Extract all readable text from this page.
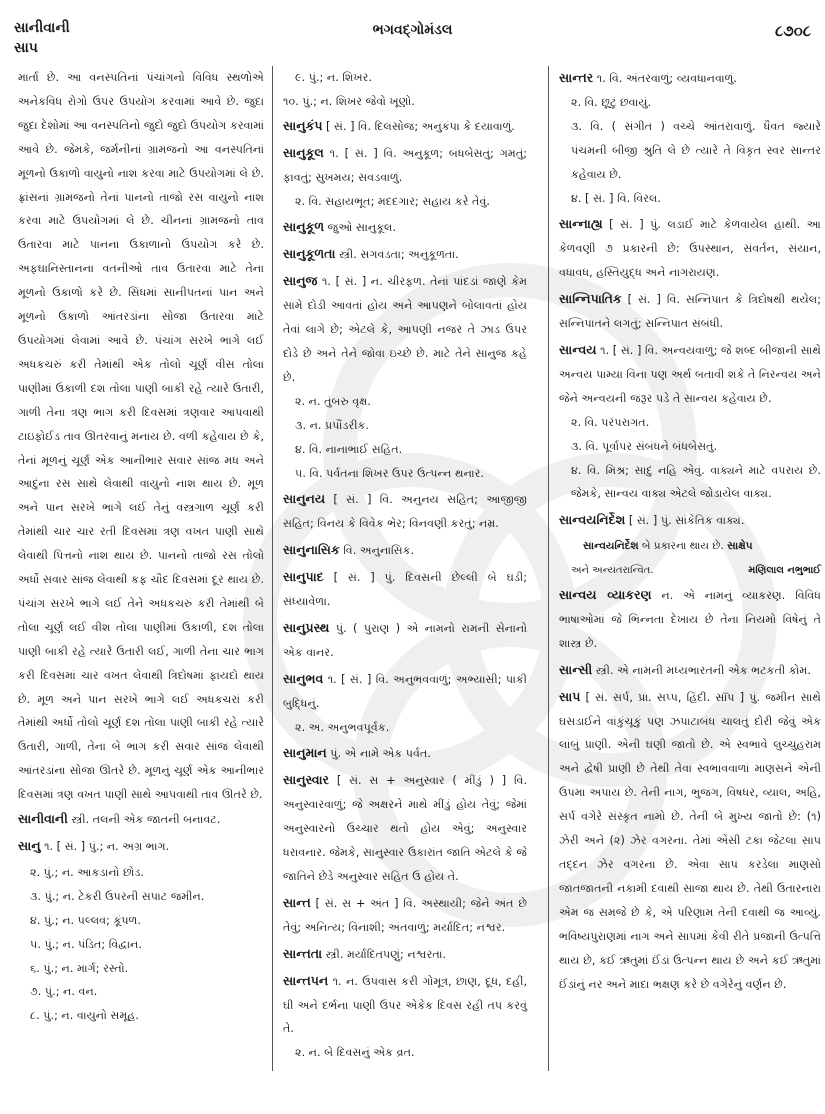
સાનીવાની
સાપ
ભગવદ્ગોમંડલ	૮૭૦૮

માર્તા છે. આ વનસ્પતિનાં પંચાંગનો વિવિધ સ્થળોએ અનેકવિધ રોગો ઉપર ઉપયોગ કરવામાં આવે છે. જુદા જુદા દેશોમાં આ વનસ્પતિનો જુદો જુદો ઉપયોગ કરવામાં આવે છે. જેમકે, જર્મનીનાં ગ્રામજનો આ વનસ્પતિનાં મૂળનો ઉકાળો વાયુનો નાશ કરવા માટે ઉપયોગમાં લે છે. ફ્રાંસનાં ગ્રામજનો તેનાં પાનનો તાજો રસ વાયુનો નાશ કરવા માટે ઉપયોગમાં લે છે. ચીનનાં ગ્રામજનો તાવ ઉતારવા માટે પાનના ઉકાળાનો ઉપયોગ કરે છે. અફઘાનિસ્તાનના વતનીઓ તાવ ઉતારવા માટે તેના મૂળનો ઉકાળો કરે છે. સિંધમાં સાનીપતનાં પાન અને મૂળનો ઉકાળો આંતરડાંના સોજા ઉતારવા માટે ઉપયોગમાં લેવામાં આવે છે. પંચાંગ સરખે ભાગે લઈ અધકચરું કરી તેમાંથી એક તોલો ચૂર્ણ વીસ તોલા પાણીમાં ઉકાળી દશ તોલા પાણી બાકી રહે ત્યારે ઉતારી, ગાળી તેના ત્રણ ભાગ કરી દિવસમાં ત્રણવાર આપવાથી ટાઇફોઈડ તાવ ઊતરવાનું મનાય છે. વળી કહેવાય છે કે, તેનાં મૂળનું ચૂર્ણ એક આનીભાર સવાર સાંજ મધ અને આદુંના રસ સાથે લેવાથી વાયુનો નાશ થાય છે. મૂળ અને પાન સરખે ભાગે લઈ તેનું વસ્ત્રગાળ ચૂર્ણ કરી તેમાંથી ચાર ચાર રતી દિવસમાં ત્રણ વખત પાણી સાથે લેવાથી પિત્તનો નાશ થાય છે. પાનનો તાજો રસ તોલો અર્ધો સવાર સાંજ લેવાથી કફ ચૌદ દિવસમાં દૂર થાય છે. પંચાંગ સરખે ભાગે લઈ તેને અધકચરું કરી તેમાંથી બે તોલા ચૂર્ણ લઈ વીશ તોલા પાણીમાં ઉકાળી, દશ તોલા પાણી બાકી રહે ત્યારે ઉતારી લઈ, ગાળી તેના ચાર ભાગ કરી દિવસમાં ચાર વખત લેવાથી ત્રિદોષમાં ફાયદો થાય છે. મૂળ અને પાન સરખે ભાગે લઈ અધકચરાં કરી તેમાંથી અર્ધો તોલો ચૂર્ણ દશ તોલા પાણી બાકી રહે ત્યારે ઉતારી, ગાળી, તેના બે ભાગ કરી સવાર સાંજ લેવાથી આંતરડાંના સોજા ઊતરે છે. મૂળનું ચૂર્ણ એક આનીભાર દિવસમાં ત્રણ વખત પાણી સાથે આપવાથી તાવ ઊતરે છે.

સાનીવાની સ્ત્રી. તલની એક જાતની બનાવટ.
સાનુ ૧. [ સં. ] પું.; ન. અગ્ર ભાગ.

૨. પું.; ન. આકડાનો છોડ.

૩. પું.; ન. ટેકરી ઉપરની સપાટ જમીન.

૪. પું.; ન. પલ્લવ; કૂંપળ.

૫. પું.; ન. પંડિત; વિદ્વાન.

૬. પું.; ન. માર્ગ; રસ્તો.

૭. પું.; ન. વન.

૮. પું.; ન. વાયુનો સમૂહ.

૯. પું.; ન. શિખર.

૧૦. પું.; ન. શિખર જેવો ખૂણો.

સાનુકંપ [ સં. ] વિ. દિલસોજ; અનુકંપા કે દયાવાળું.
સાનુકૂલ ૧. [ સં. ] વિ. અનુકૂળ; બંધબેસતું; ગમતું; ફાવતું; સુખમય; સવડવાળું.

૨. વિ. સહાયભૂત; મદદગાર; સહાય કરે તેવું.

સાનુકૂળ જુઓ સાનુકૂલ.
સાનુકૂળતા સ્ત્રી. સગવડતા; અનુકૂળતા.
સાનુજ ૧. [ સં. ] ન. ચીરફળ. તેનાં પાંદડાં જાણે કેમ સામે દોડી આવતાં હોય અને આપણને બોલાવતાં હોય તેવાં લાગે છે; એટલે કે, આપણી નજર તે ઝાડ ઉપર દોડે છે અને તેને જોવા ઇચ્છે છે. માટે તેને સાનુજ કહે છે.

૨. ન. તુંબરુ વૃક્ષ.

૩. ન. પ્રપૌંડરીક.

૪. વિ. નાનાભાઈ સહિત.

૫. વિ. પર્વતના શિખર ઉપર ઉત્પન્ન થનાર.

સાનુનય [ સં. ] વિ. અનુનય સહિત; આજીજી સહિત; વિનય કે વિવેક ભેર; વિનવણી કરતું; નમ્ર.
સાનુનાસિક વિ. અનુનાસિક.
સાનુપાદ [ સં. ] પું. દિવસની છેલ્લી બે ઘડી; સંધ્યાવેળા.
સાનુપ્રસ્થ પું. ( પુરાણ ) એ નામનો રામની સેનાનો એક વાનર.
સાનુભવ ૧. [ સં. ] વિ. અનુભવવાળું; અભ્યાસી; પાકી બુદ્ધિનું.

૨. અ. અનુભવપૂર્વક.

સાનુમાન પું. એ નામે એક પર્વત.
સાનુસ્વાર [ સં. સ + અનુસ્વાર ( મીંડું ) ] વિ. અનુસ્વારવાળું; જે અક્ષરને માથે મીંડું હોય તેવું; જેમાં અનુસ્વારનો ઉચ્ચાર થતો હોય એવું; અનુસ્વાર ધરાવનાર. જેમકે, સાનુસ્વાર ઉકારાંત જાતિ એટલે કે જે જાતિને છેડે અનુસ્વાર સહિત ઉ હોય તે.
સાન્ત [ સં. સ + અંત ] વિ. અસ્થાયી; જેને અંત છે તેવું; અનિત્ય; વિનાશી; અંતવાળું; મર્યાદિત; નશ્વર.
સાન્તતા સ્ત્રી. મર્યાદિતપણું; નશ્વરતા.
સાન્તપન ૧. ન. ઉપવાસ કરી ગોમૂત્ર, છાણ, દૂધ, દહીં, ઘી અને દર્ભના પાણી ઉપર એકેક દિવસ રહી તપ કરવું તે.

૨. ન. બે દિવસનું એક વ્રત.

સાન્તર ૧. વિ. અંતરવાળું; વ્યવધાનવાળું.

૨. વિ. છૂટું છવાયું.

૩. વિ. ( સંગીત ) વચ્ચે આંતરાવાળું. ધૈવત જ્યારે પંચમની બીજી શ્રુતિ લે છે ત્યારે તે વિકૃત સ્વર સાન્તર કહેવાય છે.

૪. [ સં. ] વિ. વિરલ.

સાન્નાહ્ય [ સં. ] પું. લડાઈ માટે કેળવાયેલ હાથી. આ કેળવણી ૭ પ્રકારની છે: ઉપસ્થાન, સંવર્તન, સંયાન, વધાવધ, હસ્તિયુદ્ધ અને નાગરાયણ.
સાન્નિપાતિક [ સં. ] વિ. સન્નિપાત કે ત્રિદોષથી થયેલ; સન્નિપાતને લગતું; સન્નિપાત સંબંધી.
સાન્વય ૧. [ સં. ] વિ. અન્વયવાળું; જે શબ્દ બીજાની સાથે અન્વય પામ્યા વિના પણ અર્થ બતાવી શકે તે નિરન્વય અને જેને અન્વયની જરૂર પડે તે સાન્વય કહેવાય છે.

૨. વિ. પરંપરાગત.

૩. વિ. પૂર્વાપર સંબંધને બંધબેસતું.

૪. વિ. મિશ્ર; સાદું નહિ એવું. વાક્યને માટે વપરાય છે. જેમકે, સાન્વય વાક્ય એટલે જોડાયેલ વાક્ય.

સાન્વયનિર્દેશ [ સં. ] પું. સાંકેતિક વાક્ય.
સાન્વયનિર્દેશ બે પ્રકારના થાય છે. સાક્ષેપ
અને અન્યતરાન્વિત.	મણિલાલ નભુભાઈ
સાન્વય વ્યાકરણ ન. એ નામનું વ્યાકરણ. વિવિધ ભાષાઓમાં જે ભિન્નતા દેખાય છે તેના નિયમો વિષેનું તે શાસ્ત્ર છે.
સાન્સી સ્ત્રી. એ નામની મધ્યભારતની એક ભટકતી કોમ.
સાપ [ સં. સર્પ, પ્રા. સપ્પ, હિંદી. સાઁપ ] પું. જમીન સાથે ઘસડાઈને વાંકુંચૂકું પણ ઝપાટાબંધ ચાલતું દોરી જેવું એક લાંબું પ્રાણી. એની ઘણી જાતો છે. એ સ્વભાવે લુચ્ચુહરામ અને દ્વેષી પ્રાણી છે તેથી તેવા સ્વભાવવાળાં માણસને એની ઉપમા અપાય છે. તેની નાગ, ભુજંગ, વિષધર, વ્યાલ, અહિ, સર્પ વગેરે સંસ્કૃત નામો છે. તેની બે મુખ્ય જાતો છે: (૧) ઝેરી અને (૨) ઝેર વગરના. તેમાં એંસી ટકા જેટલા સાપ તદ્દન ઝેર વગરના છે. એવા સાપ કરડેલા માણસો જાતજાતની નકામી દવાથી સાજા થાય છે. તેથી ઉતારનારા એમ જ સમજે છે કે, એ પરિણામ તેની દવાથી જ આવ્યું. ભવિષ્યપુરાણમાં નાગ અને સાપમાં કેવી રીતે પ્રજાની ઉત્પત્તિ થાય છે, કઈ ઋતુમાં ઈંડાં ઉત્પન્ન થાય છે અને કઈ ઋતુમાં ઈંડાંનું નર અને માદા ભક્ષણ કરે છે વગેરેનું વર્ણન છે.
